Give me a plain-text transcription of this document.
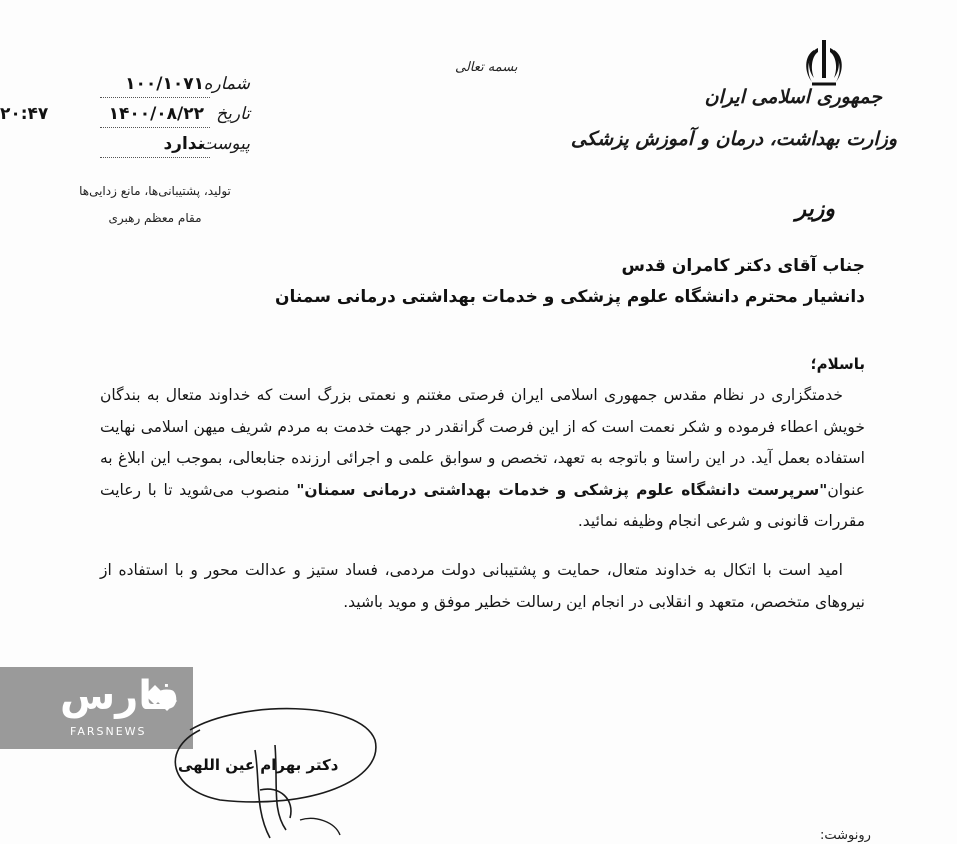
جمهوری اسلامی ایران
وزارت بهداشت، درمان و آموزش پزشکی
وزیر
بسمه تعالی
شماره
۱۰۰/۱۰۷۱
تاریخ
۱۴۰۰/۰۸/۲۲
پیوست
ندارد
۲۰:۴۷
تولید، پشتیبانی‌ها، مانع زدایی‌ها
مقام معظم رهبری
جناب آقای دکتر کامران قدس
دانشیار محترم دانشگاه علوم پزشکی و خدمات بهداشتی درمانی سمنان
باسلام؛
خدمتگزاری در نظام مقدس جمهوری اسلامی ایران فرصتی مغتنم و نعمتی بزرگ است که خداوند متعال به بندگان خویش اعطاء فرموده و شکر نعمت است که از این فرصت گرانقدر در جهت خدمت به مردم شریف میهن اسلامی نهایت استفاده بعمل آید. در این راستا و باتوجه به تعهد، تخصص و سوابق علمی و اجرائی ارزنده جنابعالی، بموجب این ابلاغ به عنوان"سرپرست دانشگاه علوم پزشکی و خدمات بهداشتی درمانی سمنان" منصوب می‌شوید تا با رعایت مقررات قانونی و شرعی انجام وظیفه نمائید.
امید است با اتکال به خداوند متعال، حمایت و پشتیبانی دولت مردمی، فساد ستیز و عدالت محور و با استفاده از نیروهای متخصص، متعهد و انقلابی در انجام این رسالت خطیر موفق و موید باشید.
فارس
FARSNEWS
دکتر بهرام عین اللهی
رونوشت:
